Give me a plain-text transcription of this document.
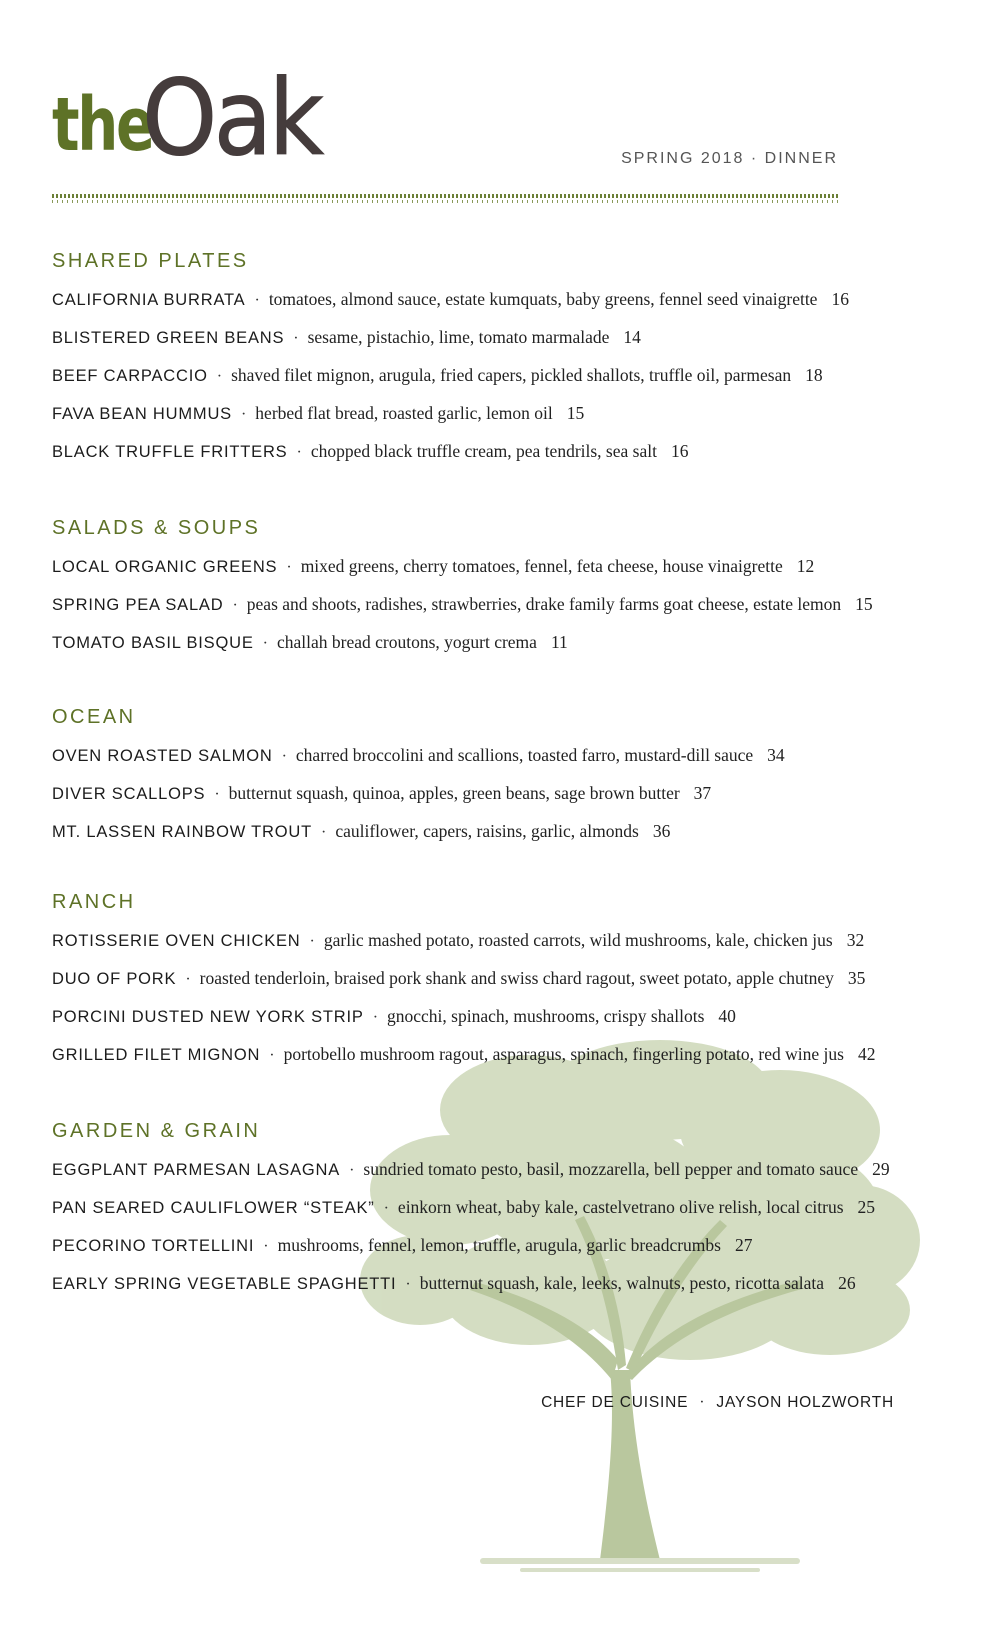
the
Oak	SPRING 2018 · DINNER
SHARED PLATES
CALIFORNIA BURRATA · tomatoes, almond sauce, estate kumquats, baby greens, fennel seed vinaigrette 16
BLISTERED GREEN BEANS · sesame, pistachio, lime, tomato marmalade 14
BEEF CARPACCIO · shaved filet mignon, arugula, fried capers, pickled shallots, truffle oil, parmesan 18
FAVA BEAN HUMMUS · herbed flat bread, roasted garlic, lemon oil 15
BLACK TRUFFLE FRITTERS · chopped black truffle cream, pea tendrils, sea salt 16
SALADS & SOUPS
LOCAL ORGANIC GREENS · mixed greens, cherry tomatoes, fennel, feta cheese, house vinaigrette 12
SPRING PEA SALAD · peas and shoots, radishes, strawberries, drake family farms goat cheese, estate lemon 15
TOMATO BASIL BISQUE · challah bread croutons, yogurt crema 11
OCEAN
OVEN ROASTED SALMON · charred broccolini and scallions, toasted farro, mustard-dill sauce 34
DIVER SCALLOPS · butternut squash, quinoa, apples, green beans, sage brown butter 37
MT. LASSEN RAINBOW TROUT · cauliflower, capers, raisins, garlic, almonds 36
RANCH
ROTISSERIE OVEN CHICKEN · garlic mashed potato, roasted carrots, wild mushrooms, kale, chicken jus 32
DUO OF PORK · roasted tenderloin, braised pork shank and swiss chard ragout, sweet potato, apple chutney 35
PORCINI DUSTED NEW YORK STRIP · gnocchi, spinach, mushrooms, crispy shallots 40
GRILLED FILET MIGNON · portobello mushroom ragout, asparagus, spinach, fingerling potato, red wine jus 42
GARDEN & GRAIN
EGGPLANT PARMESAN LASAGNA · sundried tomato pesto, basil, mozzarella, bell pepper and tomato sauce 29
PAN SEARED CAULIFLOWER “STEAK” · einkorn wheat, baby kale, castelvetrano olive relish, local citrus 25
PECORINO TORTELLINI · mushrooms, fennel, lemon, truffle, arugula, garlic breadcrumbs 27
EARLY SPRING VEGETABLE SPAGHETTI · butternut squash, kale, leeks, walnuts, pesto, ricotta salata 26
CHEF DE CUISINE · JAYSON HOLZWORTH
